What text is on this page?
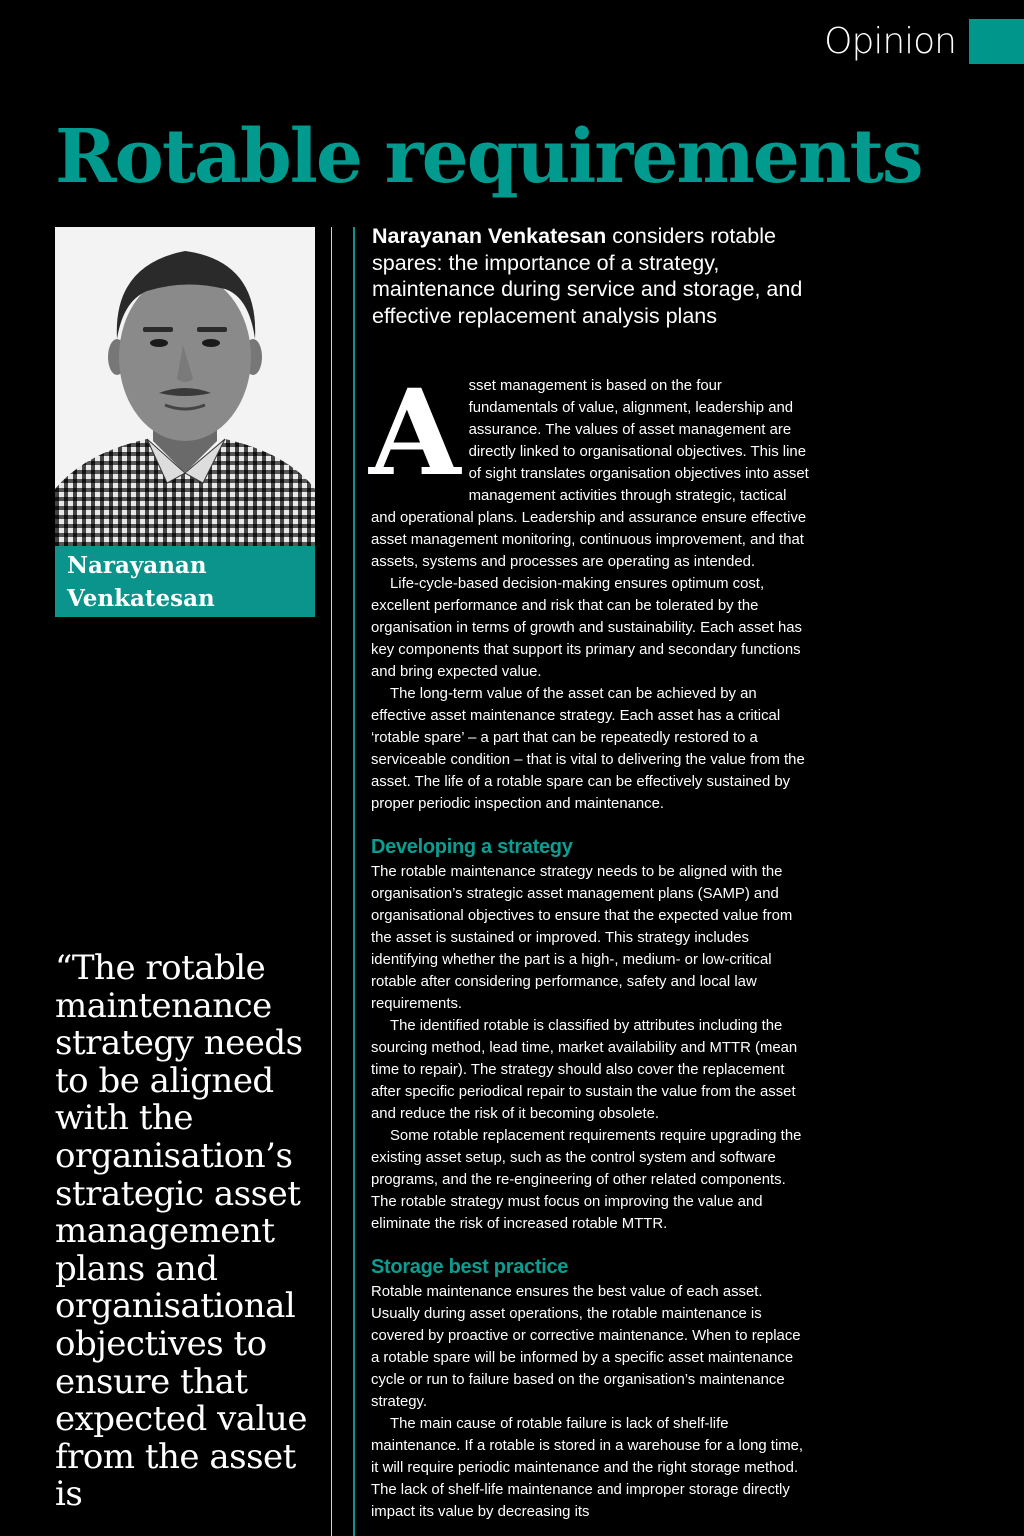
Opinion
Rotable requirements
Narayanan
Venkatesan

Narayanan Venkatesan considers rotable spares: the importance of a strategy, maintenance during service and storage, and effective replacement analysis plans

“The rotable maintenance strategy needs to be aligned with the organisation’s strategic asset management plans and organisational objectives to ensure that expected value from the asset is

Asset management is based on the four fundamentals of value, alignment, leadership and assurance. The values of asset management are directly linked to organisational objectives. This line of sight translates organisation objectives into asset management activities through strategic, tactical and operational plans. Leadership and assurance ensure effective asset management monitoring, continuous improvement, and that assets, systems and processes are operating as intended.

Life-cycle-based decision-making ensures optimum cost, excellent performance and risk that can be tolerated by the organisation in terms of growth and sustainability. Each asset has key components that support its primary and secondary functions and bring expected value.

The long-term value of the asset can be achieved by an effective asset maintenance strategy. Each asset has a critical ‘rotable spare’ – a part that can be repeatedly restored to a serviceable condition – that is vital to delivering the value from the asset. The life of a rotable spare can be effectively sustained by proper periodic inspection and maintenance.

Developing a strategy

The rotable maintenance strategy needs to be aligned with the organisation’s strategic asset management plans (SAMP) and organisational objectives to ensure that the expected value from the asset is sustained or improved. This strategy includes identifying whether the part is a high-, medium- or low-critical rotable after considering performance, safety and local law requirements.

The identified rotable is classified by attributes including the sourcing method, lead time, market availability and MTTR (mean time to repair). The strategy should also cover the replacement after specific periodical repair to sustain the value from the asset and reduce the risk of it becoming obsolete.

Some rotable replacement requirements require upgrading the existing asset setup, such as the control system and software programs, and the re-engineering of other related components. The rotable strategy must focus on improving the value and eliminate the risk of increased rotable MTTR.

Storage best practice

Rotable maintenance ensures the best value of each asset. Usually during asset operations, the rotable maintenance is covered by proactive or corrective maintenance. When to replace a rotable spare will be informed by a specific asset maintenance cycle or run to failure based on the organisation’s maintenance strategy.

The main cause of rotable failure is lack of shelf-life maintenance. If a rotable is stored in a warehouse for a long time, it will require periodic maintenance and the right storage method. The lack of shelf-life maintenance and improper storage directly impact its value by decreasing its
